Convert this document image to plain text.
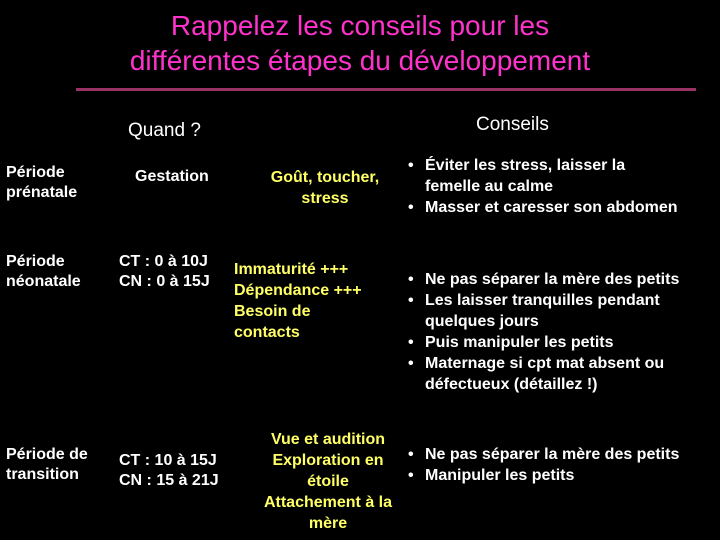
Rappelez les conseils pour les
différentes étapes du développement
Quand ?	Conseils
Période
prénatale
Gestation	Goût, toucher,
stress
• Éviter les stress, laisser la
femelle au calme
• Masser et caresser son abdomen
Période
néonatale
CT : 0 à 10J
CN : 0 à 15J
Immaturité +++
Dépendance +++
Besoin de
contacts
• Ne pas séparer la mère des petits
• Les laisser tranquilles pendant
quelques jours
• Puis manipuler les petits
• Maternage si cpt mat absent ou
défectueux (détaillez !)
Période de
transition
CT : 10 à 15J
CN : 15 à 21J
Vue et audition
Exploration en
étoile
Attachement à la
mère
• Ne pas séparer la mère des petits
• Manipuler les petits
